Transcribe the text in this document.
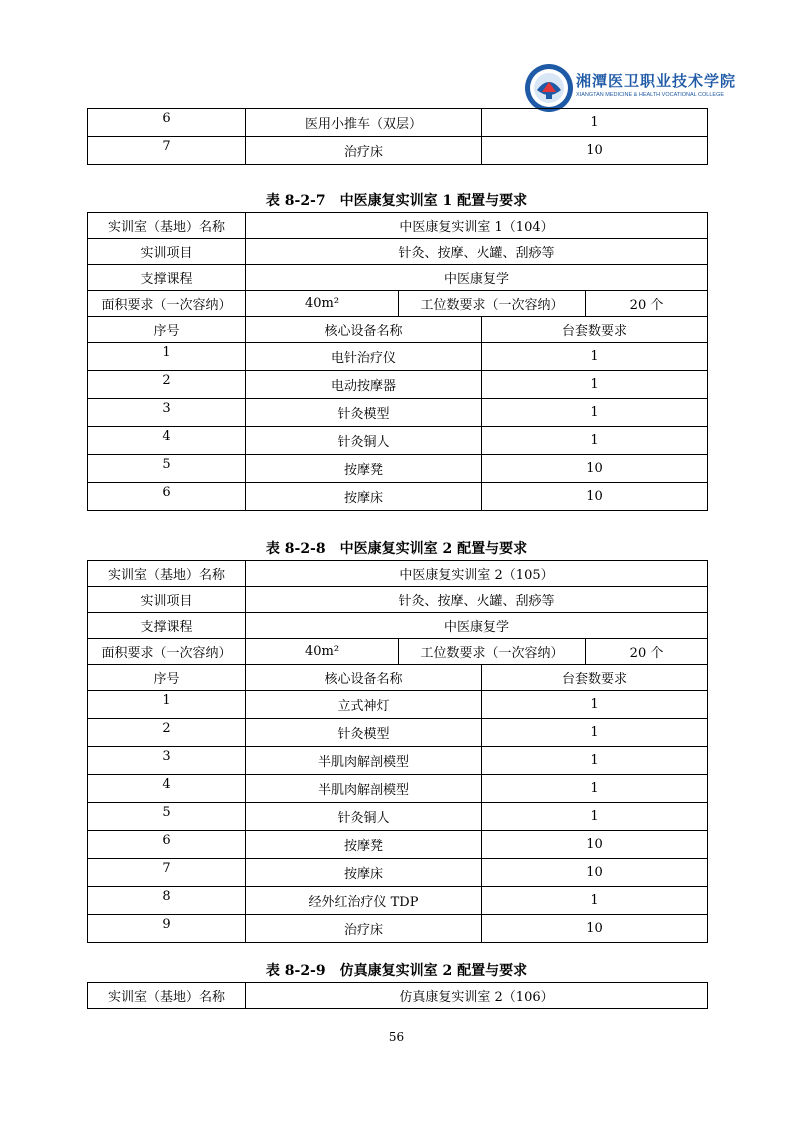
湘潭医卫职业技术学院
XIANGTAN MEDICINE & HEALTH VOCATIONAL COLLEGE
6	医用小推车（双层）	1
7	治疗床	10
表 8-2-7　中医康复实训室 1 配置与要求
实训室（基地）名称	中医康复实训室 1（104）			
实训项目	针灸、按摩、火罐、刮痧等			
支撑课程	中医康复学			
面积要求（一次容纳）	40m²	工位数要求（一次容纳）		20 个
序号	核心设备名称		台套数要求	
1	电针治疗仪		1	
2	电动按摩器		1	
3	针灸模型		1	
4	针灸铜人		1	
5	按摩凳		10	
6	按摩床		10	
表 8-2-8　中医康复实训室 2 配置与要求
实训室（基地）名称	中医康复实训室 2（105）			
实训项目	针灸、按摩、火罐、刮痧等			
支撑课程	中医康复学			
面积要求（一次容纳）	40m²	工位数要求（一次容纳）		20 个
序号	核心设备名称		台套数要求	
1	立式神灯		1	
2	针灸模型		1	
3	半肌肉解剖模型		1	
4	半肌肉解剖模型		1	
5	针灸铜人		1	
6	按摩凳		10	
7	按摩床		10	
8	经外红治疗仪 TDP		1	
9	治疗床		10	
表 8-2-9　仿真康复实训室 2 配置与要求
实训室（基地）名称	仿真康复实训室 2（106）
56
